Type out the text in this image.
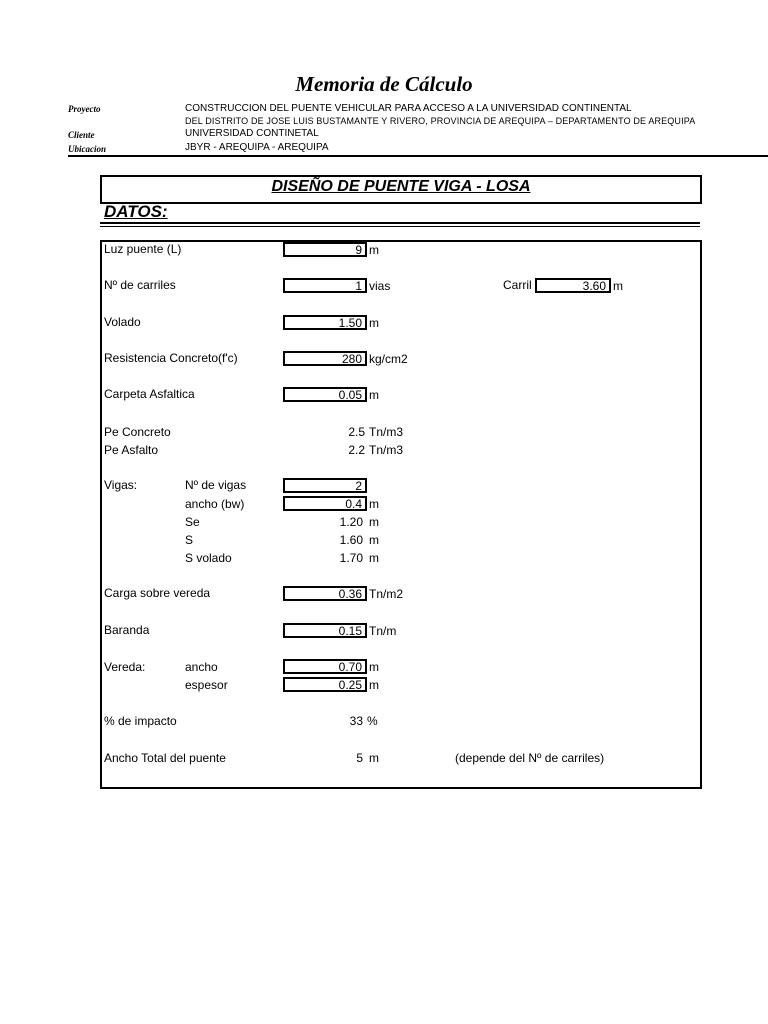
Memoria de Cálculo
Proyecto	CONSTRUCCION DEL PUENTE VEHICULAR PARA ACCESO A LA UNIVERSIDAD CONTINENTAL
DEL DISTRITO DE JOSE LUIS BUSTAMANTE Y RIVERO, PROVINCIA DE AREQUIPA – DEPARTAMENTO DE AREQUIPA
Cliente	UNIVERSIDAD CONTINETAL
Ubicacion	JBYR - AREQUIPA - AREQUIPA
DISEÑO DE PUENTE VIGA - LOSA
DATOS:
Luz puente (L)	9 m
Nº de carriles	1 vias	Carril	3.60 m
Volado	1.50 m
Resistencia Concreto(f'c)	280 kg/cm2
Carpeta Asfaltica	0.05 m
Pe Concreto	2.5 Tn/m3
Pe Asfalto	2.2 Tn/m3
Vigas:	Nº de vigas	2
ancho (bw)	0.4 m
Se	1.20 m
S	1.60 m
S volado	1.70 m
Carga sobre vereda	0.36 Tn/m2
Baranda	0.15 Tn/m
Vereda:	ancho	0.70 m
espesor	0.25 m
% de impacto	33 %
Ancho Total del puente	5 m	(depende del Nº de carriles)
